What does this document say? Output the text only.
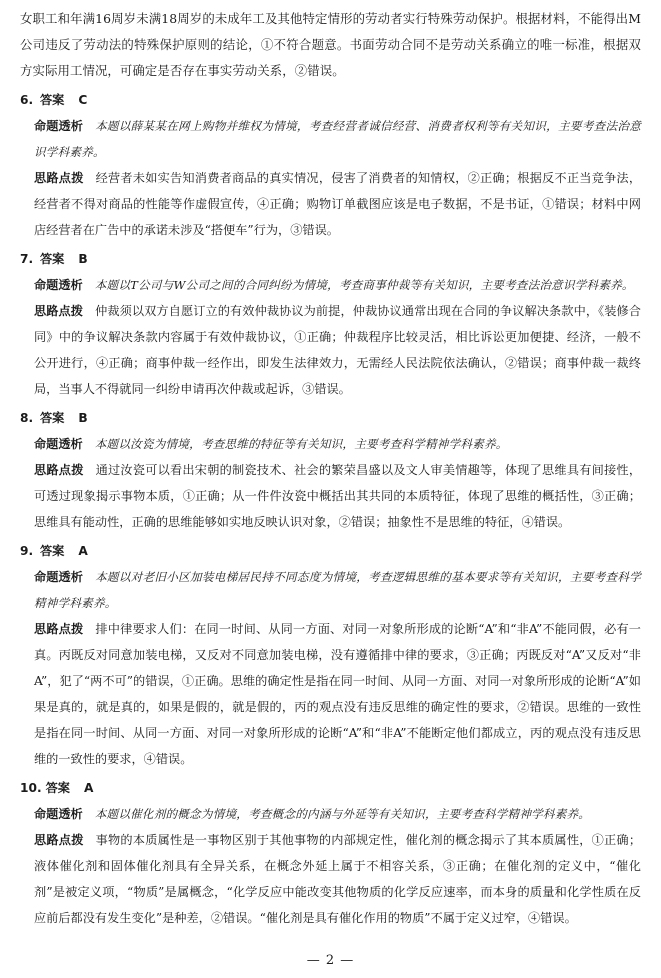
女职工和年满16周岁未满18周岁的未成年工及其他特定情形的劳动者实行特殊劳动保护。根据材料，不能得出M公司违反了劳动法的特殊保护原则的结论，①不符合题意。书面劳动合同不是劳动关系确立的唯一标准，根据双方实际用工情况，可确定是否存在事实劳动关系，②错误。

6. 答案 C

命题透析 本题以薛某某在网上购物并维权为情境，考查经营者诚信经营、消费者权利等有关知识，主要考查法治意识学科素养。

思路点拨 经营者未如实告知消费者商品的真实情况，侵害了消费者的知情权，②正确；根据反不正当竞争法，经营者不得对商品的性能等作虚假宣传，④正确；购物订单截图应该是电子数据，不是书证，①错误；材料中网店经营者在广告中的承诺未涉及“搭便车”行为，③错误。

7. 答案 B

命题透析 本题以T公司与W公司之间的合同纠纷为情境，考查商事仲裁等有关知识，主要考查法治意识学科素养。

思路点拨 仲裁须以双方自愿订立的有效仲裁协议为前提，仲裁协议通常出现在合同的争议解决条款中，《装修合同》中的争议解决条款内容属于有效仲裁协议，①正确；仲裁程序比较灵活，相比诉讼更加便捷、经济，一般不公开进行，④正确；商事仲裁一经作出，即发生法律效力，无需经人民法院依法确认，②错误；商事仲裁一裁终局，当事人不得就同一纠纷申请再次仲裁或起诉，③错误。

8. 答案 B

命题透析 本题以汝瓷为情境，考查思维的特征等有关知识，主要考查科学精神学科素养。

思路点拨 通过汝瓷可以看出宋朝的制瓷技术、社会的繁荣昌盛以及文人审美情趣等，体现了思维具有间接性，可透过现象揭示事物本质，①正确；从一件件汝瓷中概括出其共同的本质特征，体现了思维的概括性，③正确；思维具有能动性，正确的思维能够如实地反映认识对象，②错误；抽象性不是思维的特征，④错误。

9. 答案 A

命题透析 本题以对老旧小区加装电梯居民持不同态度为情境，考查逻辑思维的基本要求等有关知识，主要考查科学精神学科素养。

思路点拨 排中律要求人们：在同一时间、从同一方面、对同一对象所形成的论断“A”和“非A”不能同假，必有一真。丙既反对同意加装电梯，又反对不同意加装电梯，没有遵循排中律的要求，③正确；丙既反对“A”又反对“非A”，犯了“两不可”的错误，①正确。思维的确定性是指在同一时间、从同一方面、对同一对象所形成的论断“A”如果是真的，就是真的，如果是假的，就是假的，丙的观点没有违反思维的确定性的要求，②错误。思维的一致性是指在同一时间、从同一方面、对同一对象所形成的论断“A”和“非A”不能断定他们都成立，丙的观点没有违反思维的一致性的要求，④错误。

10. 答案 A

命题透析 本题以催化剂的概念为情境，考查概念的内涵与外延等有关知识，主要考查科学精神学科素养。

思路点拨 事物的本质属性是一事物区别于其他事物的内部规定性，催化剂的概念揭示了其本质属性，①正确；液体催化剂和固体催化剂具有全异关系，在概念外延上属于不相容关系，③正确；在催化剂的定义中，“催化剂”是被定义项，“物质”是属概念，“化学反应中能改变其他物质的化学反应速率，而本身的质量和化学性质在反应前后都没有发生变化”是种差，②错误。“催化剂是具有催化作用的物质”不属于定义过窄，④错误。

— 2 —
